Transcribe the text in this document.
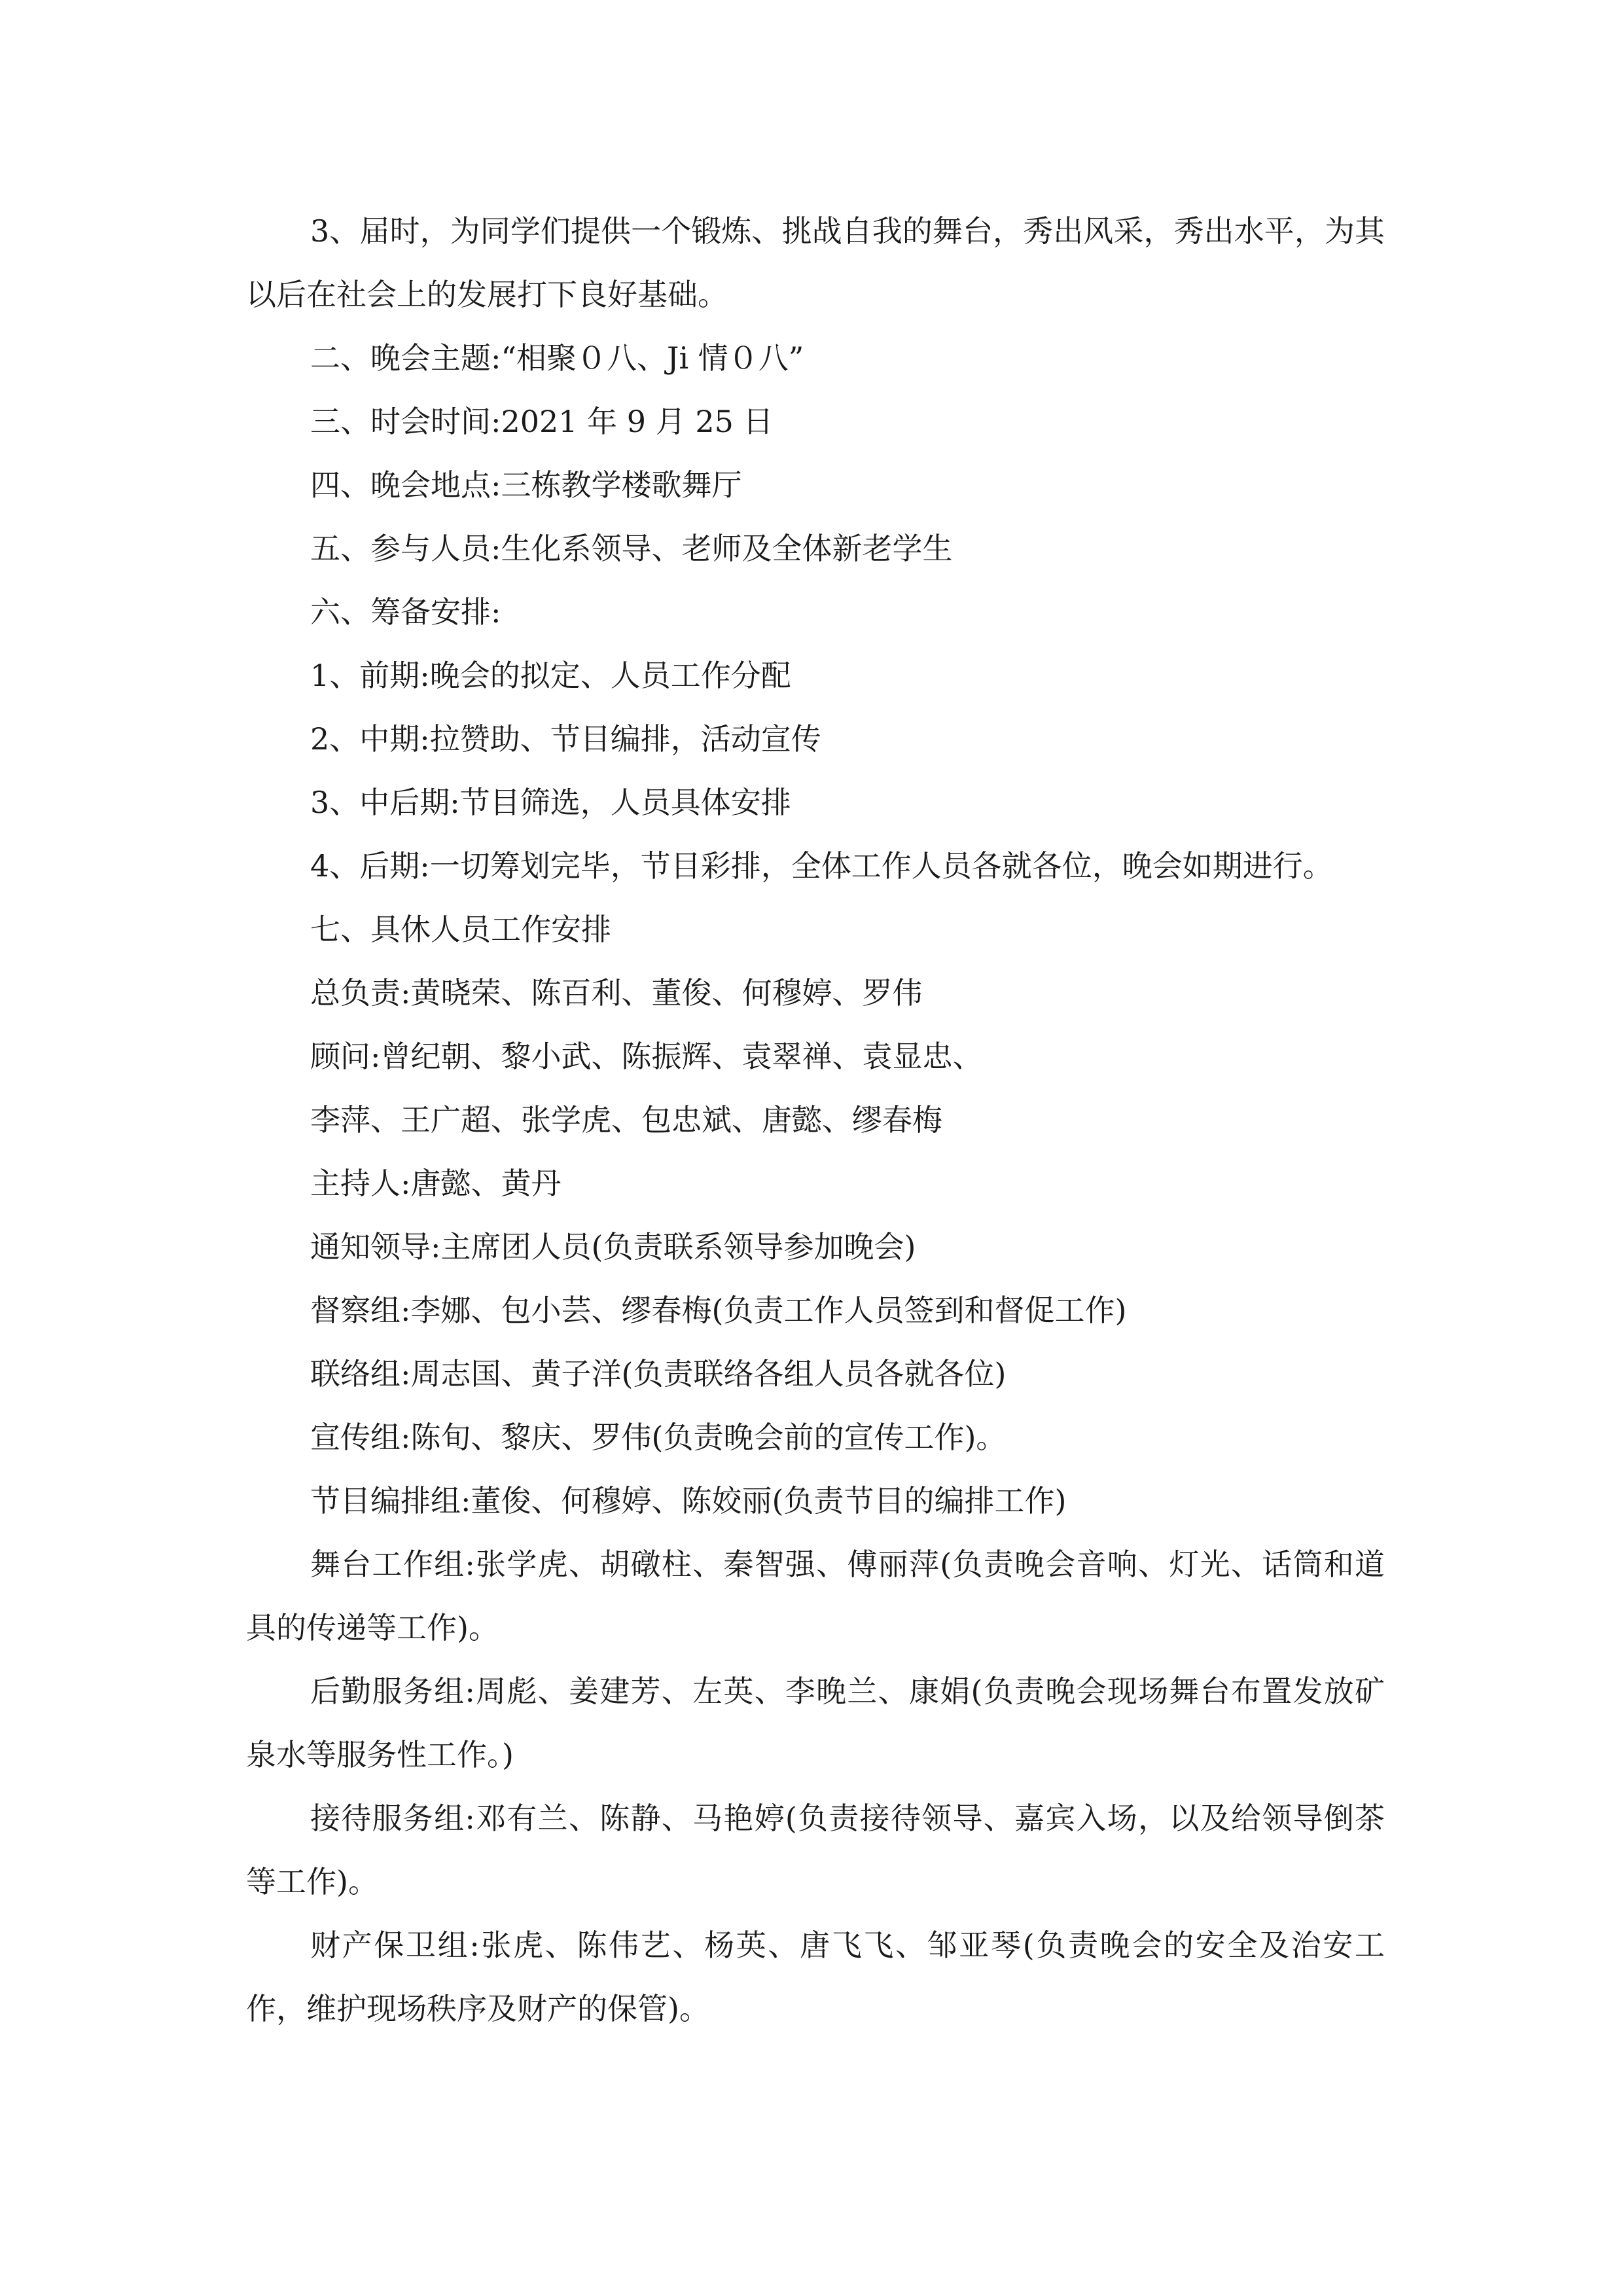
3、届时，为同学们提供一个锻炼、挑战自我的舞台，秀出风采，秀出水平，为其以后在社会上的发展打下良好基础。

二、晚会主题:“相聚０八、Ji 情０八”

三、时会时间:2021 年 9 月 25 日

四、晚会地点:三栋教学楼歌舞厅

五、参与人员:生化系领导、老师及全体新老学生

六、筹备安排:

1、前期:晚会的拟定、人员工作分配

2、中期:拉赞助、节目编排，活动宣传

3、中后期:节目筛选，人员具体安排

4、后期:一切筹划完毕，节目彩排，全体工作人员各就各位，晚会如期进行。

七、具休人员工作安排

总负责:黄晓荣、陈百利、董俊、何穆婷、罗伟

顾问:曾纪朝、黎小武、陈振辉、袁翠禅、袁显忠、

李萍、王广超、张学虎、包忠斌、唐懿、缪春梅

主持人:唐懿、黄丹

通知领导:主席团人员(负责联系领导参加晚会)

督察组:李娜、包小芸、缪春梅(负责工作人员签到和督促工作)

联络组:周志国、黄子洋(负责联络各组人员各就各位)

宣传组:陈旬、黎庆、罗伟(负责晚会前的宣传工作)。

节目编排组:董俊、何穆婷、陈姣丽(负责节目的编排工作)

舞台工作组:张学虎、胡礅柱、秦智强、傅丽萍(负责晚会音响、灯光、话筒和道具的传递等工作)。

后勤服务组:周彪、姜建芳、左英、李晚兰、康娟(负责晚会现场舞台布置发放矿泉水等服务性工作。)

接待服务组:邓有兰、陈静、马艳婷(负责接待领导、嘉宾入场，以及给领导倒茶等工作)。

财产保卫组:张虎、陈伟艺、杨英、唐飞飞、邹亚琴(负责晚会的安全及治安工作，维护现场秩序及财产的保管)。
